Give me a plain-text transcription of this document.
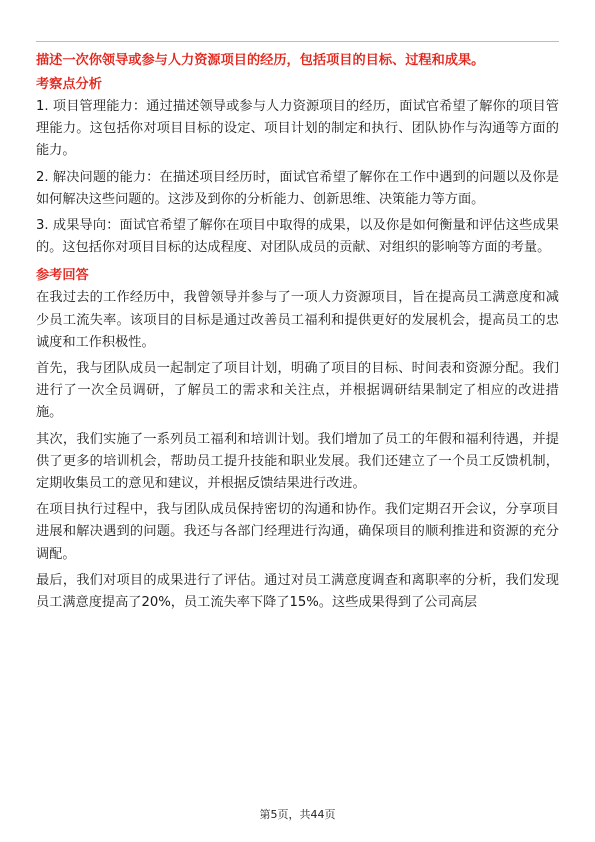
描述一次你领导或参与人力资源项目的经历，包括项目的目标、过程和成果。

考察点分析

1. 项目管理能力：通过描述领导或参与人力资源项目的经历，面试官希望了解你的项目管理能力。这包括你对项目目标的设定、项目计划的制定和执行、团队协作与沟通等方面的能力。

2. 解决问题的能力：在描述项目经历时，面试官希望了解你在工作中遇到的问题以及你是如何解决这些问题的。这涉及到你的分析能力、创新思维、决策能力等方面。

3. 成果导向：面试官希望了解你在项目中取得的成果，以及你是如何衡量和评估这些成果的。这包括你对项目目标的达成程度、对团队成员的贡献、对组织的影响等方面的考量。

参考回答

在我过去的工作经历中，我曾领导并参与了一项人力资源项目，旨在提高员工满意度和减少员工流失率。该项目的目标是通过改善员工福利和提供更好的发展机会，提高员工的忠诚度和工作积极性。

首先，我与团队成员一起制定了项目计划，明确了项目的目标、时间表和资源分配。我们进行了一次全员调研，了解员工的需求和关注点，并根据调研结果制定了相应的改进措施。

其次，我们实施了一系列员工福利和培训计划。我们增加了员工的年假和福利待遇，并提供了更多的培训机会，帮助员工提升技能和职业发展。我们还建立了一个员工反馈机制，定期收集员工的意见和建议，并根据反馈结果进行改进。

在项目执行过程中，我与团队成员保持密切的沟通和协作。我们定期召开会议，分享项目进展和解决遇到的问题。我还与各部门经理进行沟通，确保项目的顺利推进和资源的充分调配。

最后，我们对项目的成果进行了评估。通过对员工满意度调查和离职率的分析，我们发现员工满意度提高了20%，员工流失率下降了15%。这些成果得到了公司高层

第5页，共44页
